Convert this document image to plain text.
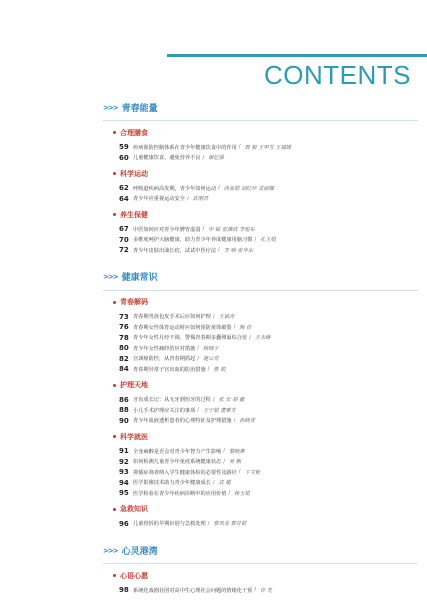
CONTENTS
>>> 青春能量
合理膳食
59 疾病预防控制体系在青少年健康饮食中的作用 / 周 毅 王甲芳 王福媛
60 儿童健康饮食，避免营养不良 / 谢亿强
科学运动
62 呼吸道疾病高发期，青少年如何运动 / 尚亚娟 刘红珍 袁丽娜
64 青少年应重视运动安全 / 武刚君
养生保健
67 中医如何应对青少年脾胃虚弱 / 申 锐 雷满波 李旭东
70 多维度呵护大脑健康，助力青少年养成健康用脑习惯 / 孔玉娟
72 青少年皮肤出油长痘，试试中医疗法 / 李 响 张华东
>>> 健康常识
青春解码
73 青春期男孩包皮手术后应如何护理 / 王斌涛
76 青春期女性体育运动时应如何预防黄体破裂 / 陶 俭
78 青少年女性月经不调，警惕青春期多囊卵巢综合征 / 王永峰
80 青少年女性痛经的应对措施 / 杨晓宇
82 宫颈癌防控，从青春期抓起 / 施云亮
84 青春期异常子宫出血的防治措施 / 曾 娟
护理天地
86 牙齿成长记：从无牙到恒牙的过程 / 张 宏 胡 鑫
88 小儿手术护理应关注的事项 / 王宁娟 董雅芳
90 青少年血液透析患者的心理特征及护理措施 / 孙晓青
科学就医
91 全身麻醉是否会对青少年智力产生影响 / 黎晓燕
92 如何检测儿童青少年免疫系统健康状态 / 吴 甄
93 抑郁症筛查纳入学生健康体检的必要性及路径 / 卞文艳
94 医学影像技术助力青少年健康成长 / 袁 超
95 医学检验在青少年疾病诊断中的应用价值 / 杨玉娟
急救知识
96 儿童骨折的早期识别与急救处理 / 蔡凤美 蔡月娟
>>> 心灵港湾
心语心愿
98 系统化戏剧社团对高中生心理社会问题的情绪化干预 / 许 先
